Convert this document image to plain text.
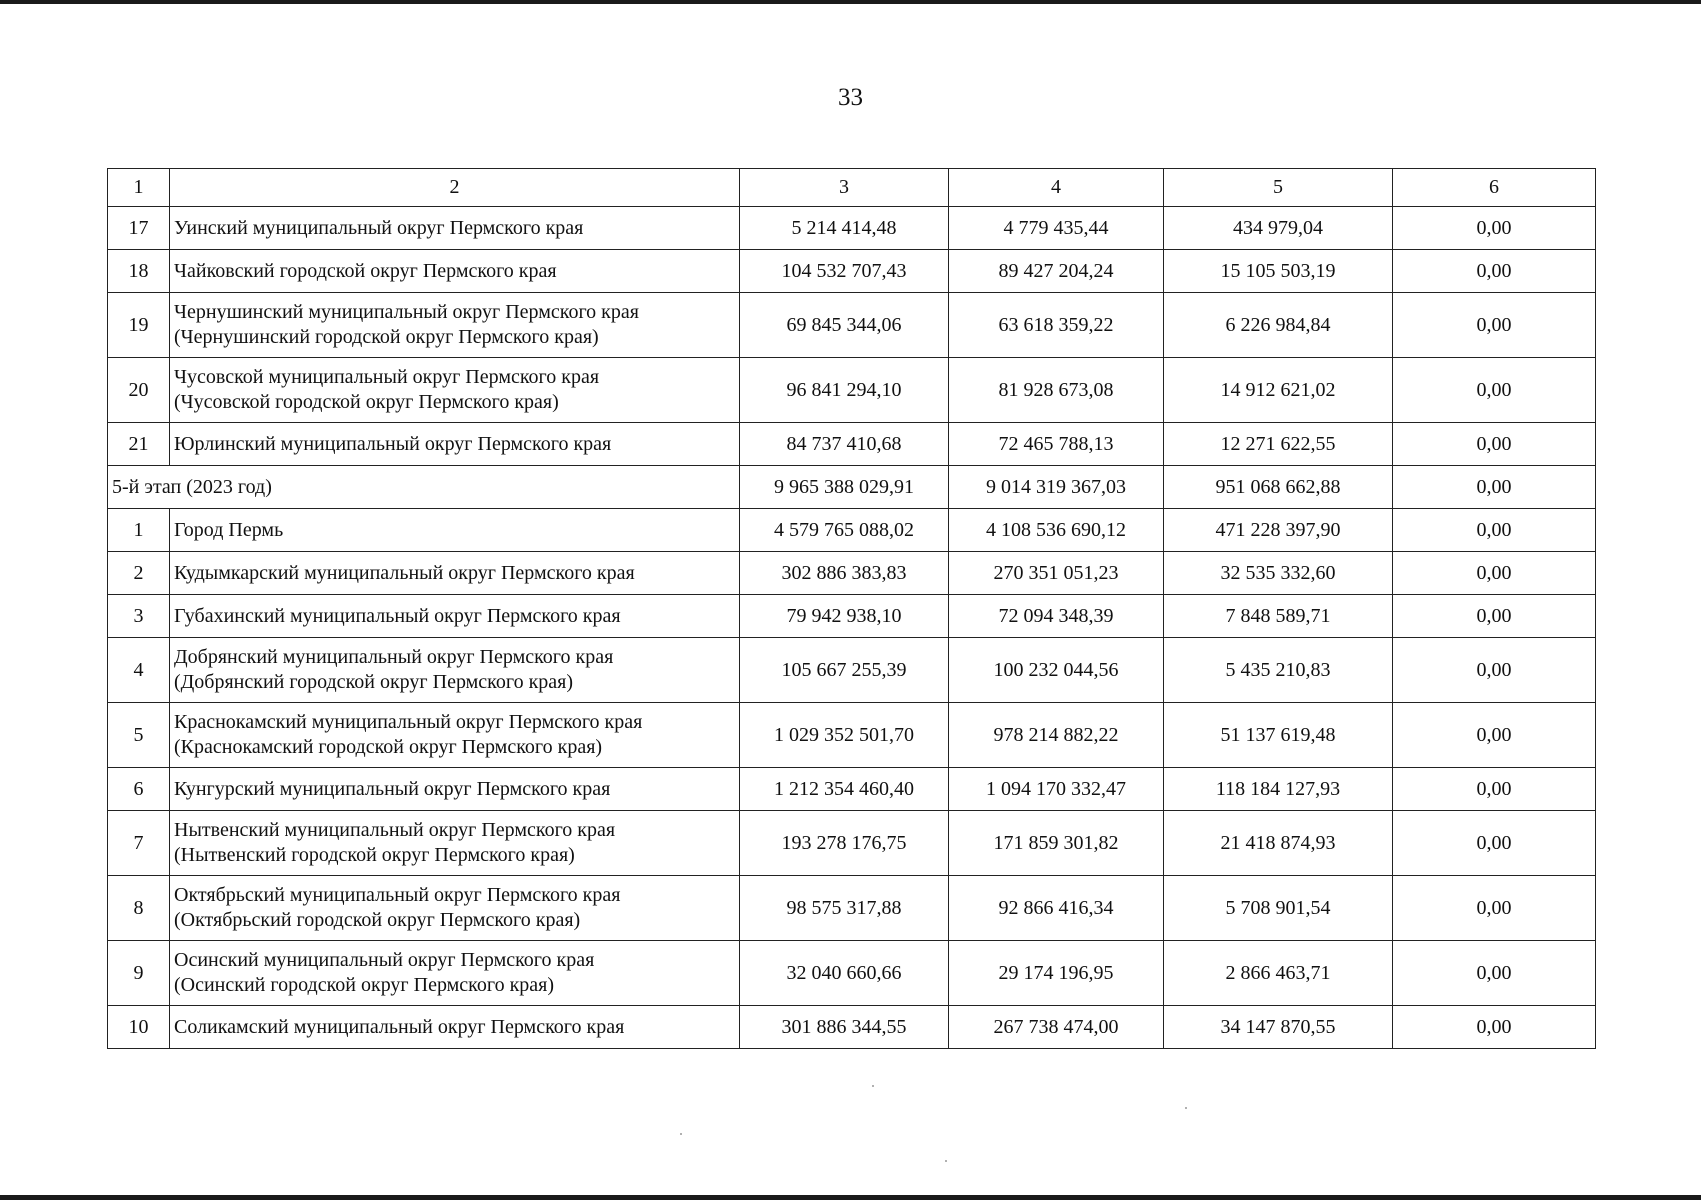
33
1	2	3	4	5	6
17	Уинский муниципальный округ Пермского края	5 214 414,48	4 779 435,44	434 979,04	0,00
18	Чайковский городской округ Пермского края	104 532 707,43	89 427 204,24	15 105 503,19	0,00
19	Чернушинский муниципальный округ Пермского края
(Чернушинский городской округ Пермского края)	69 845 344,06	63 618 359,22	6 226 984,84	0,00
20	Чусовской муниципальный округ Пермского края
(Чусовской городской округ Пермского края)	96 841 294,10	81 928 673,08	14 912 621,02	0,00
21	Юрлинский муниципальный округ Пермского края	84 737 410,68	72 465 788,13	12 271 622,55	0,00
5-й этап (2023 год)		9 965 388 029,91	9 014 319 367,03	951 068 662,88	0,00
1	Город Пермь	4 579 765 088,02	4 108 536 690,12	471 228 397,90	0,00
2	Кудымкарский муниципальный округ Пермского края	302 886 383,83	270 351 051,23	32 535 332,60	0,00
3	Губахинский муниципальный округ Пермского края	79 942 938,10	72 094 348,39	7 848 589,71	0,00
4	Добрянский муниципальный округ Пермского края
(Добрянский городской округ Пермского края)	105 667 255,39	100 232 044,56	5 435 210,83	0,00
5	Краснокамский муниципальный округ Пермского края
(Краснокамский городской округ Пермского края)	1 029 352 501,70	978 214 882,22	51 137 619,48	0,00
6	Кунгурский муниципальный округ Пермского края	1 212 354 460,40	1 094 170 332,47	118 184 127,93	0,00
7	Нытвенский муниципальный округ Пермского края
(Нытвенский городской округ Пермского края)	193 278 176,75	171 859 301,82	21 418 874,93	0,00
8	Октябрьский муниципальный округ Пермского края
(Октябрьский городской округ Пермского края)	98 575 317,88	92 866 416,34	5 708 901,54	0,00
9	Осинский муниципальный округ Пермского края
(Осинский городской округ Пермского края)	32 040 660,66	29 174 196,95	2 866 463,71	0,00
10	Соликамский муниципальный округ Пермского края	301 886 344,55	267 738 474,00	34 147 870,55	0,00
